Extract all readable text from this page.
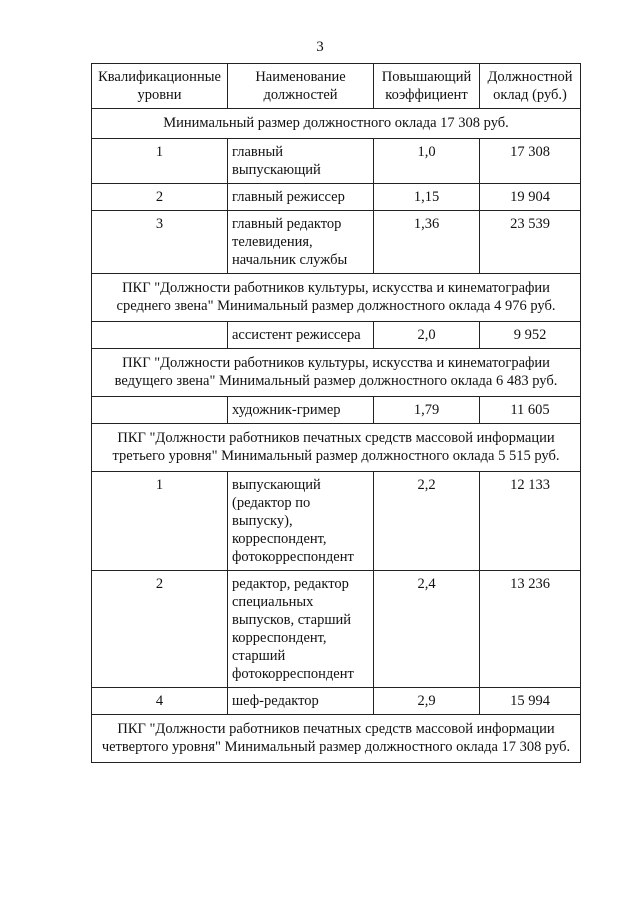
3
Квалификационные уровни	Наименование должностей	Повышающий коэффициент	Должностной оклад (руб.)
Минимальный размер должностного оклада 17 308 руб.			
1	главный выпускающий	1,0	17 308
2	главный режиссер	1,15	19 904
3	главный редактор телевидения, начальник службы	1,36	23 539
ПКГ "Должности работников культуры, искусства и кинематографии среднего звена" Минимальный размер должностного оклада 4 976 руб.			
	ассистент режиссера	2,0	9 952
ПКГ "Должности работников культуры, искусства и кинематографии ведущего звена" Минимальный размер должностного оклада 6 483 руб.			
	художник-гример	1,79	11 605
ПКГ "Должности работников печатных средств массовой информации третьего уровня" Минимальный размер должностного оклада 5 515 руб.			
1	выпускающий (редактор по выпуску), корреспондент, фотокорреспондент	2,2	12 133
2	редактор, редактор специальных выпусков, старший корреспондент, старший фотокорреспондент	2,4	13 236
4	шеф-редактор	2,9	15 994
ПКГ "Должности работников печатных средств массовой информации четвертого уровня" Минимальный размер должностного оклада 17 308 руб.			
